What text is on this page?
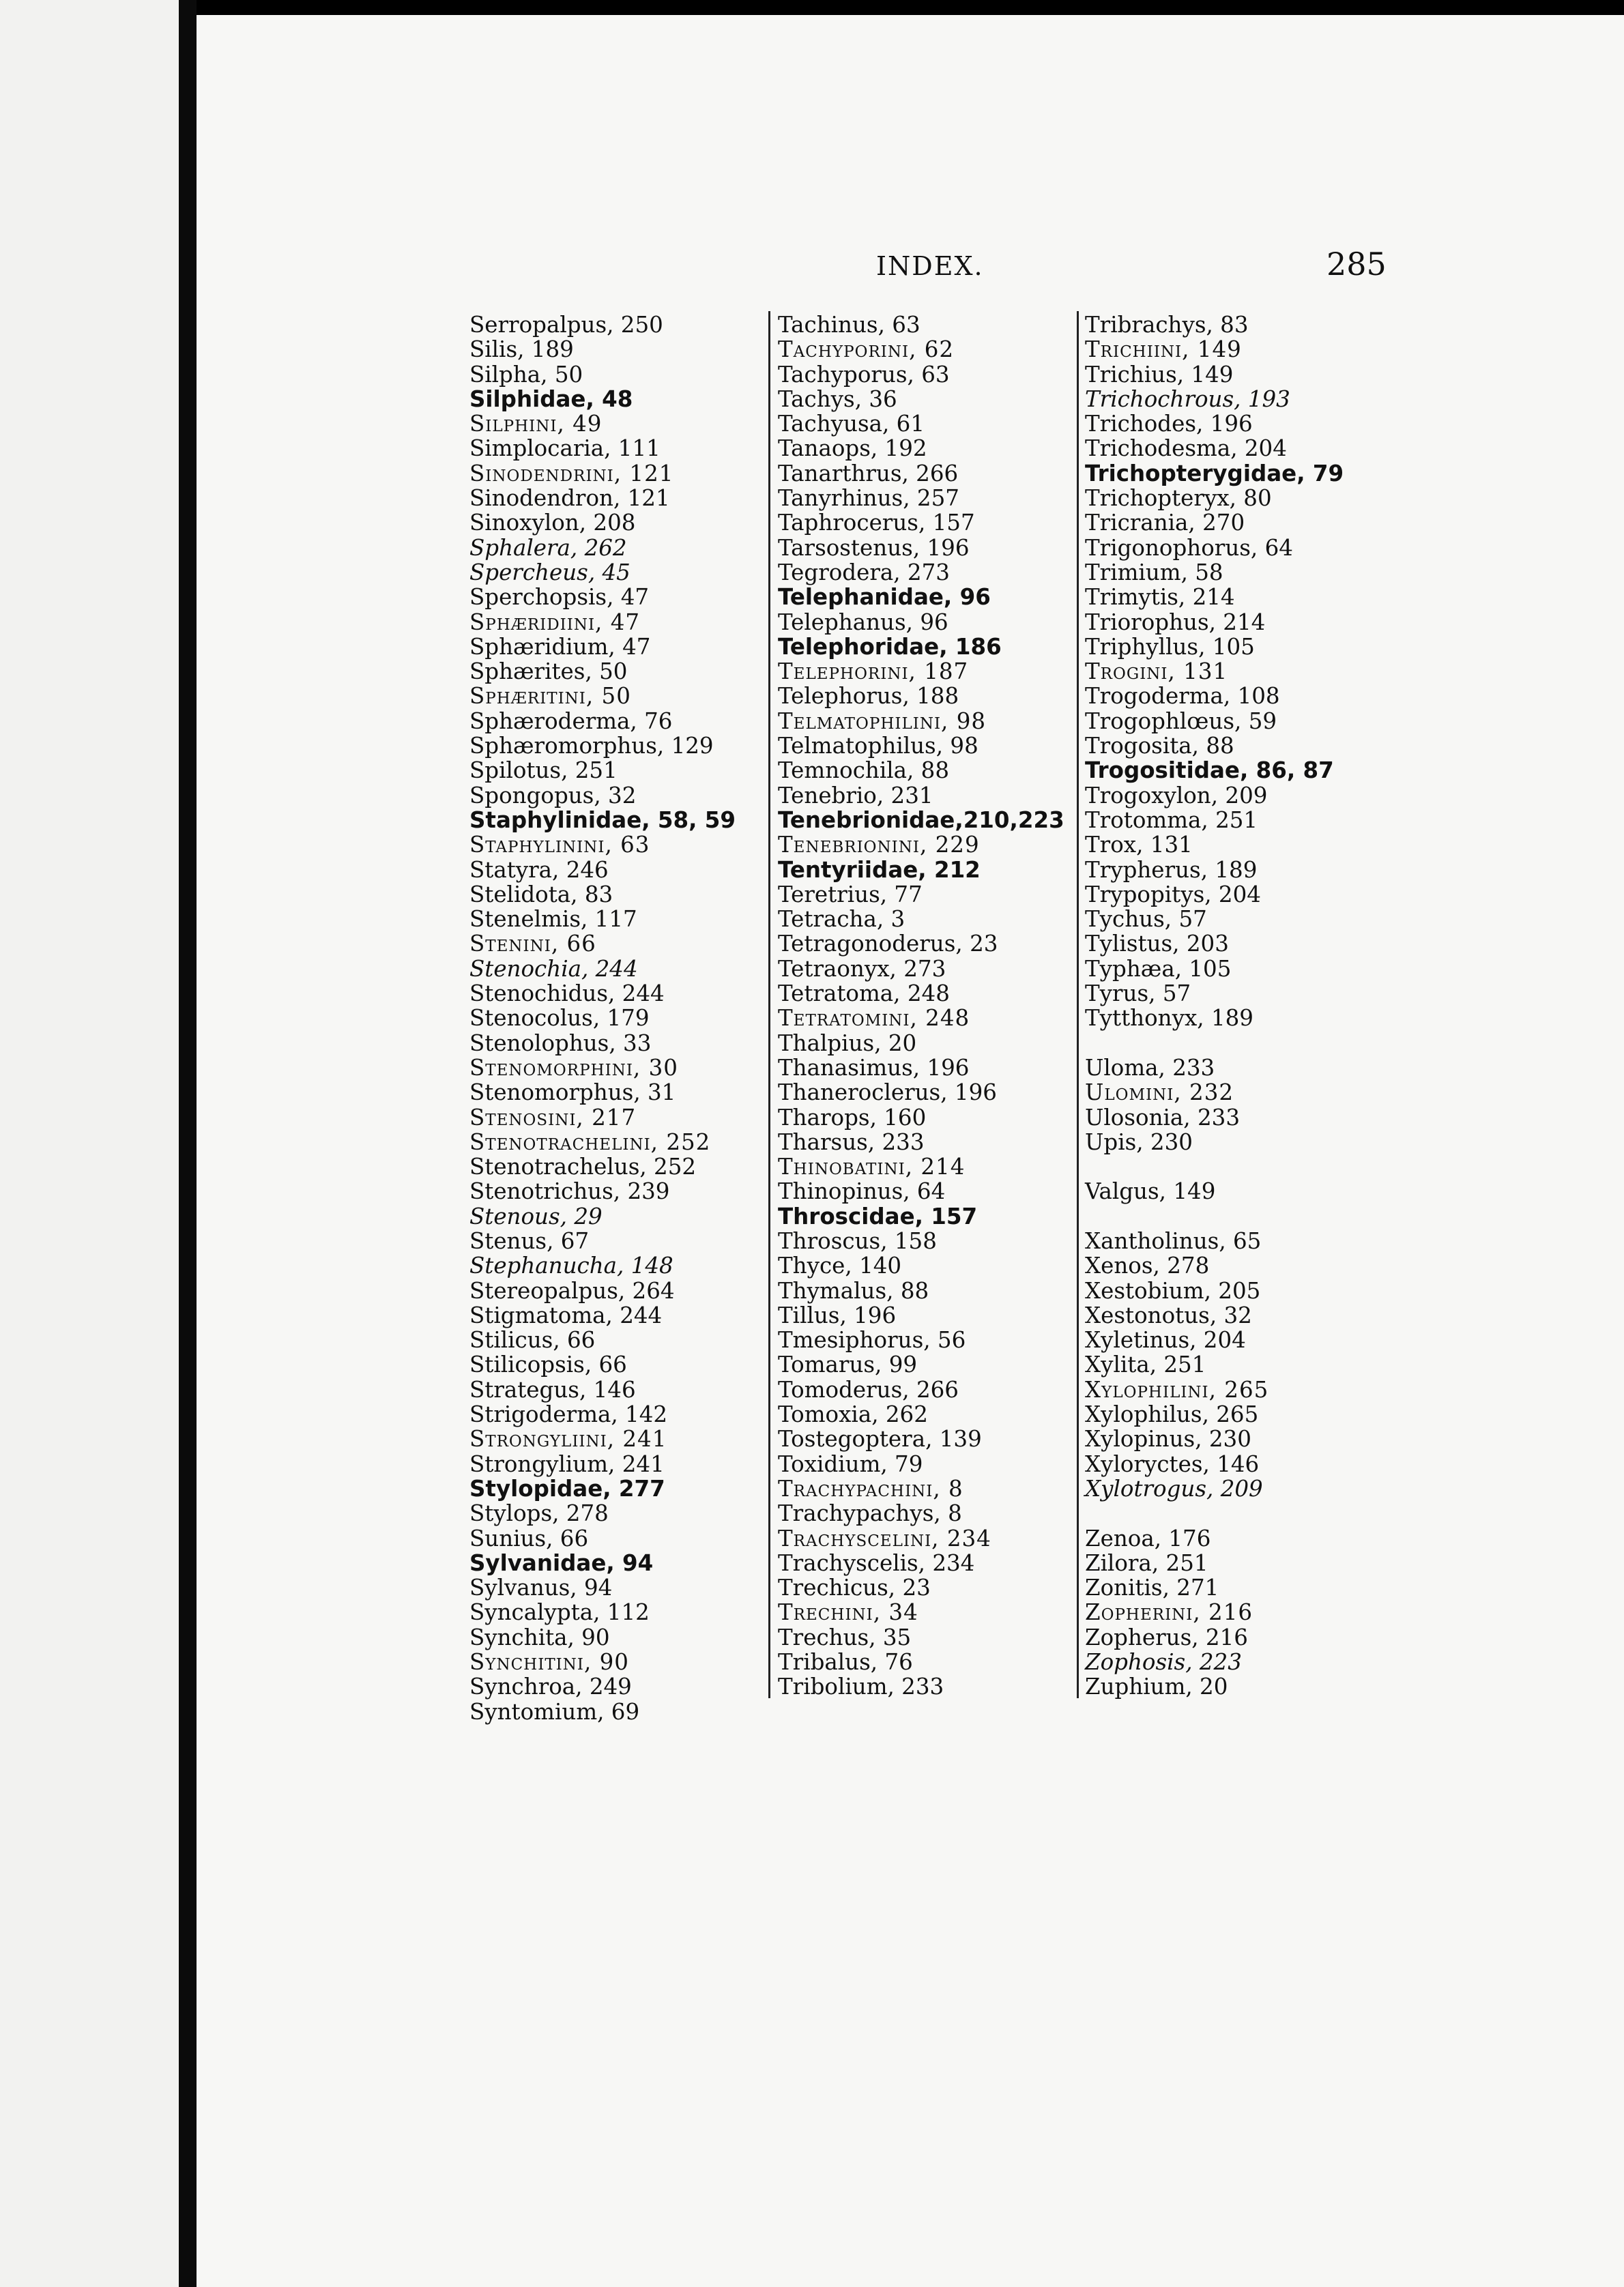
INDEX.	285
Serropalpus, 250
Silis, 189
Silpha, 50
Silphidae, 48
Silphini, 49
Simplocaria, 111
Sinodendrini, 121
Sinodendron, 121
Sinoxylon, 208
Sphalera, 262
Spercheus, 45
Sperchopsis, 47
Sphæridiini, 47
Sphæridium, 47
Sphærites, 50
Sphæritini, 50
Sphæroderma, 76
Sphæromorphus, 129
Spilotus, 251
Spongopus, 32
Staphylinidae, 58, 59
Staphylinini, 63
Statyra, 246
Stelidota, 83
Stenelmis, 117
Stenini, 66
Stenochia, 244
Stenochidus, 244
Stenocolus, 179
Stenolophus, 33
Stenomorphini, 30
Stenomorphus, 31
Stenosini, 217
Stenotrachelini, 252
Stenotrachelus, 252
Stenotrichus, 239
Stenous, 29
Stenus, 67
Stephanucha, 148
Stereopalpus, 264
Stigmatoma, 244
Stilicus, 66
Stilicopsis, 66
Strategus, 146
Strigoderma, 142
Strongyliini, 241
Strongylium, 241
Stylopidae, 277
Stylops, 278
Sunius, 66
Sylvanidae, 94
Sylvanus, 94
Syncalypta, 112
Synchita, 90
Synchitini, 90
Synchroa, 249
Syntomium, 69
Tachinus, 63
Tachyporini, 62
Tachyporus, 63
Tachys, 36
Tachyusa, 61
Tanaops, 192
Tanarthrus, 266
Tanyrhinus, 257
Taphrocerus, 157
Tarsostenus, 196
Tegrodera, 273
Telephanidae, 96
Telephanus, 96
Telephoridae, 186
Telephorini, 187
Telephorus, 188
Telmatophilini, 98
Telmatophilus, 98
Temnochila, 88
Tenebrio, 231
Tenebrionidae,210,223
Tenebrionini, 229
Tentyriidae, 212
Teretrius, 77
Tetracha, 3
Tetragonoderus, 23
Tetraonyx, 273
Tetratoma, 248
Tetratomini, 248
Thalpius, 20
Thanasimus, 196
Thaneroclerus, 196
Tharops, 160
Tharsus, 233
Thinobatini, 214
Thinopinus, 64
Throscidae, 157
Throscus, 158
Thyce, 140
Thymalus, 88
Tillus, 196
Tmesiphorus, 56
Tomarus, 99
Tomoderus, 266
Tomoxia, 262
Tostegoptera, 139
Toxidium, 79
Trachypachini, 8
Trachypachys, 8
Trachyscelini, 234
Trachyscelis, 234
Trechicus, 23
Trechini, 34
Trechus, 35
Tribalus, 76
Tribolium, 233
Tribrachys, 83
Trichiini, 149
Trichius, 149
Trichochrous, 193
Trichodes, 196
Trichodesma, 204
Trichopterygidae, 79
Trichopteryx, 80
Tricrania, 270
Trigonophorus, 64
Trimium, 58
Trimytis, 214
Triorophus, 214
Triphyllus, 105
Trogini, 131
Trogoderma, 108
Trogophlœus, 59
Trogosita, 88
Trogositidae, 86, 87
Trogoxylon, 209
Trotomma, 251
Trox, 131
Trypherus, 189
Trypopitys, 204
Tychus, 57
Tylistus, 203
Typhæa, 105
Tyrus, 57
Tytthonyx, 189
Uloma, 233
Ulomini, 232
Ulosonia, 233
Upis, 230
Valgus, 149
Xantholinus, 65
Xenos, 278
Xestobium, 205
Xestonotus, 32
Xyletinus, 204
Xylita, 251
Xylophilini, 265
Xylophilus, 265
Xylopinus, 230
Xyloryctes, 146
Xylotrogus, 209
Zenoa, 176
Zilora, 251
Zonitis, 271
Zopherini, 216
Zopherus, 216
Zophosis, 223
Zuphium, 20
